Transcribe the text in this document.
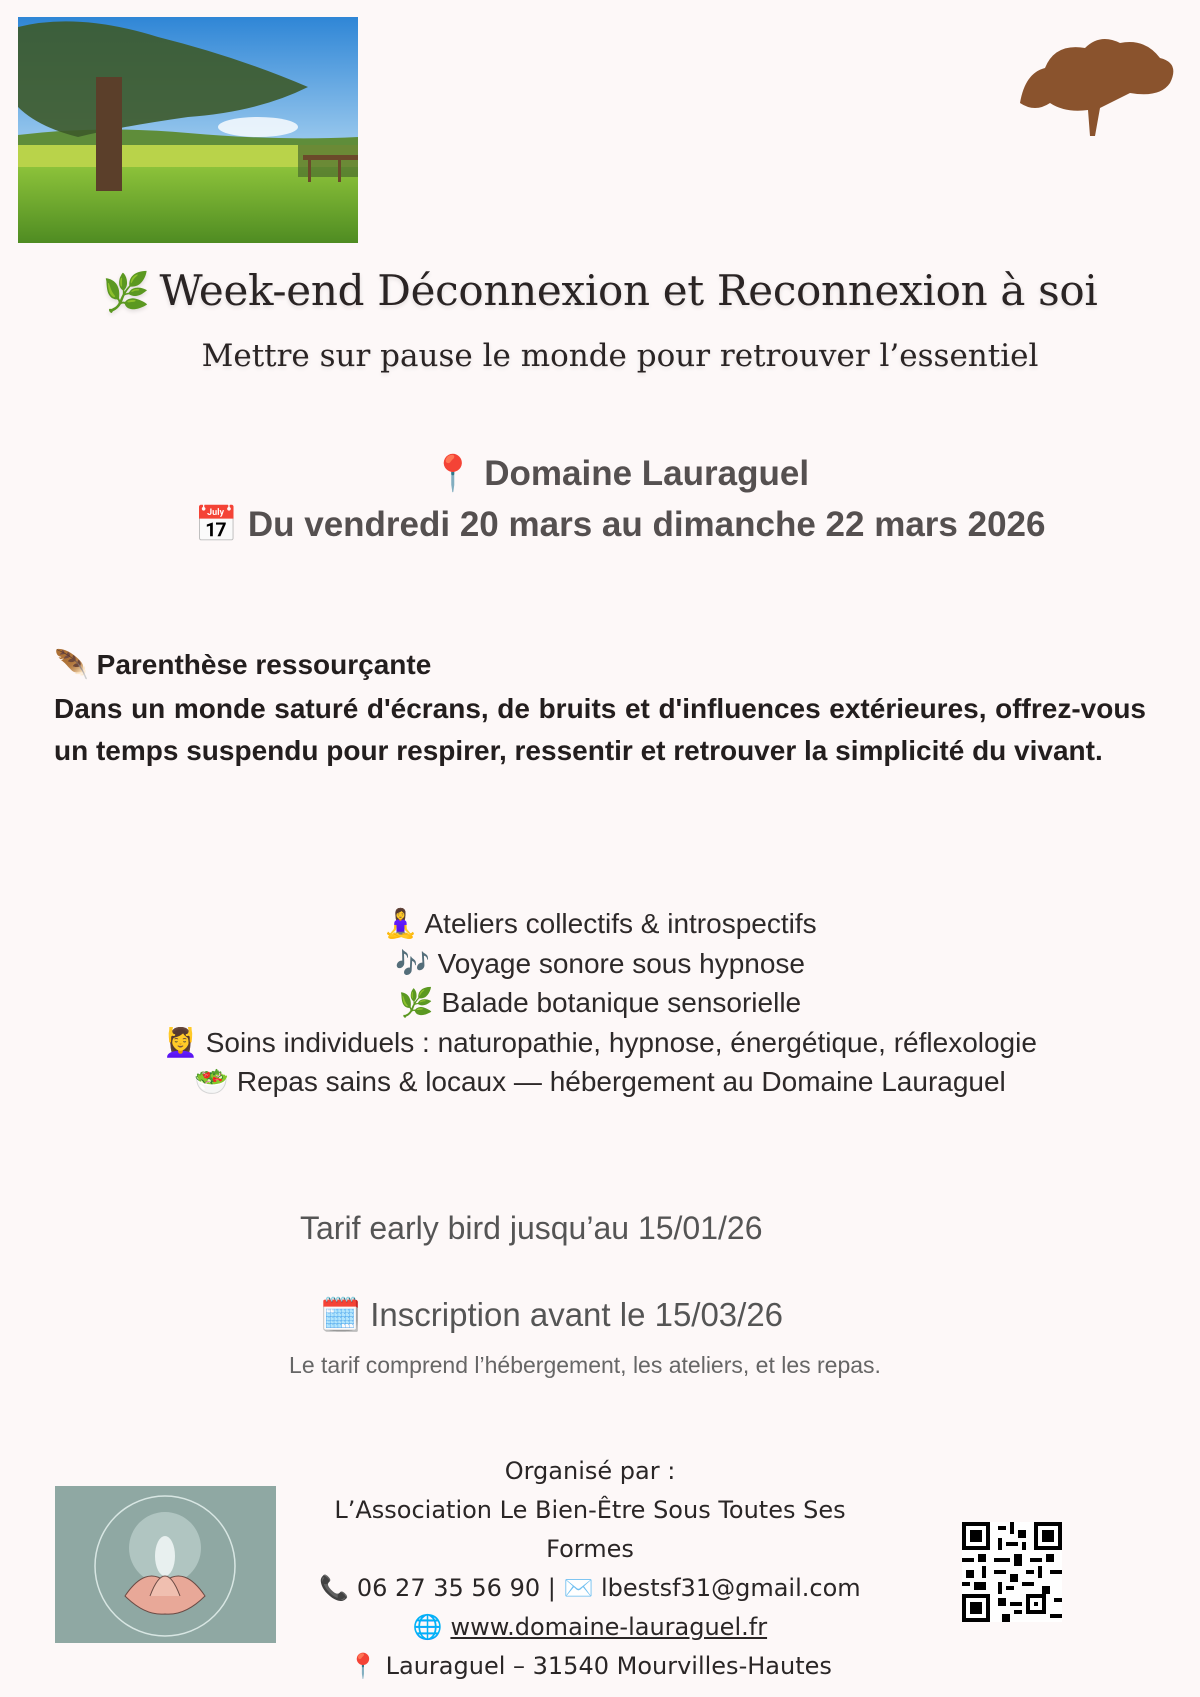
🌿 Week-end Déconnexion et Reconnexion à soi
Mettre sur pause le monde pour retrouver l’essentiel
📍 Domaine Lauraguel
📅 Du vendredi 20 mars au dimanche 22 mars 2026
🪶 Parenthèse ressourçante
Dans un monde saturé d'écrans, de bruits et d'influences extérieures, offrez-vous un temps suspendu pour respirer, ressentir et retrouver la simplicité du vivant.
🧘‍♀️ Ateliers collectifs & introspectifs
🎶 Voyage sonore sous hypnose
🌿 Balade botanique sensorielle
💆‍♀️ Soins individuels : naturopathie, hypnose, énergétique, réflexologie
🥗 Repas sains & locaux — hébergement au Domaine Lauraguel
Tarif early bird jusqu’au 15/01/26
🗓️ Inscription avant le 15/03/26
Le tarif comprend l’hébergement, les ateliers, et les repas.
Organisé par :
L’Association Le Bien-Être Sous Toutes Ses Formes
📞 06 27 35 56 90 | ✉️ lbestsf31@gmail.com
🌐 www.domaine-lauraguel.fr
📍 Lauraguel – 31540 Mourvilles-Hautes
